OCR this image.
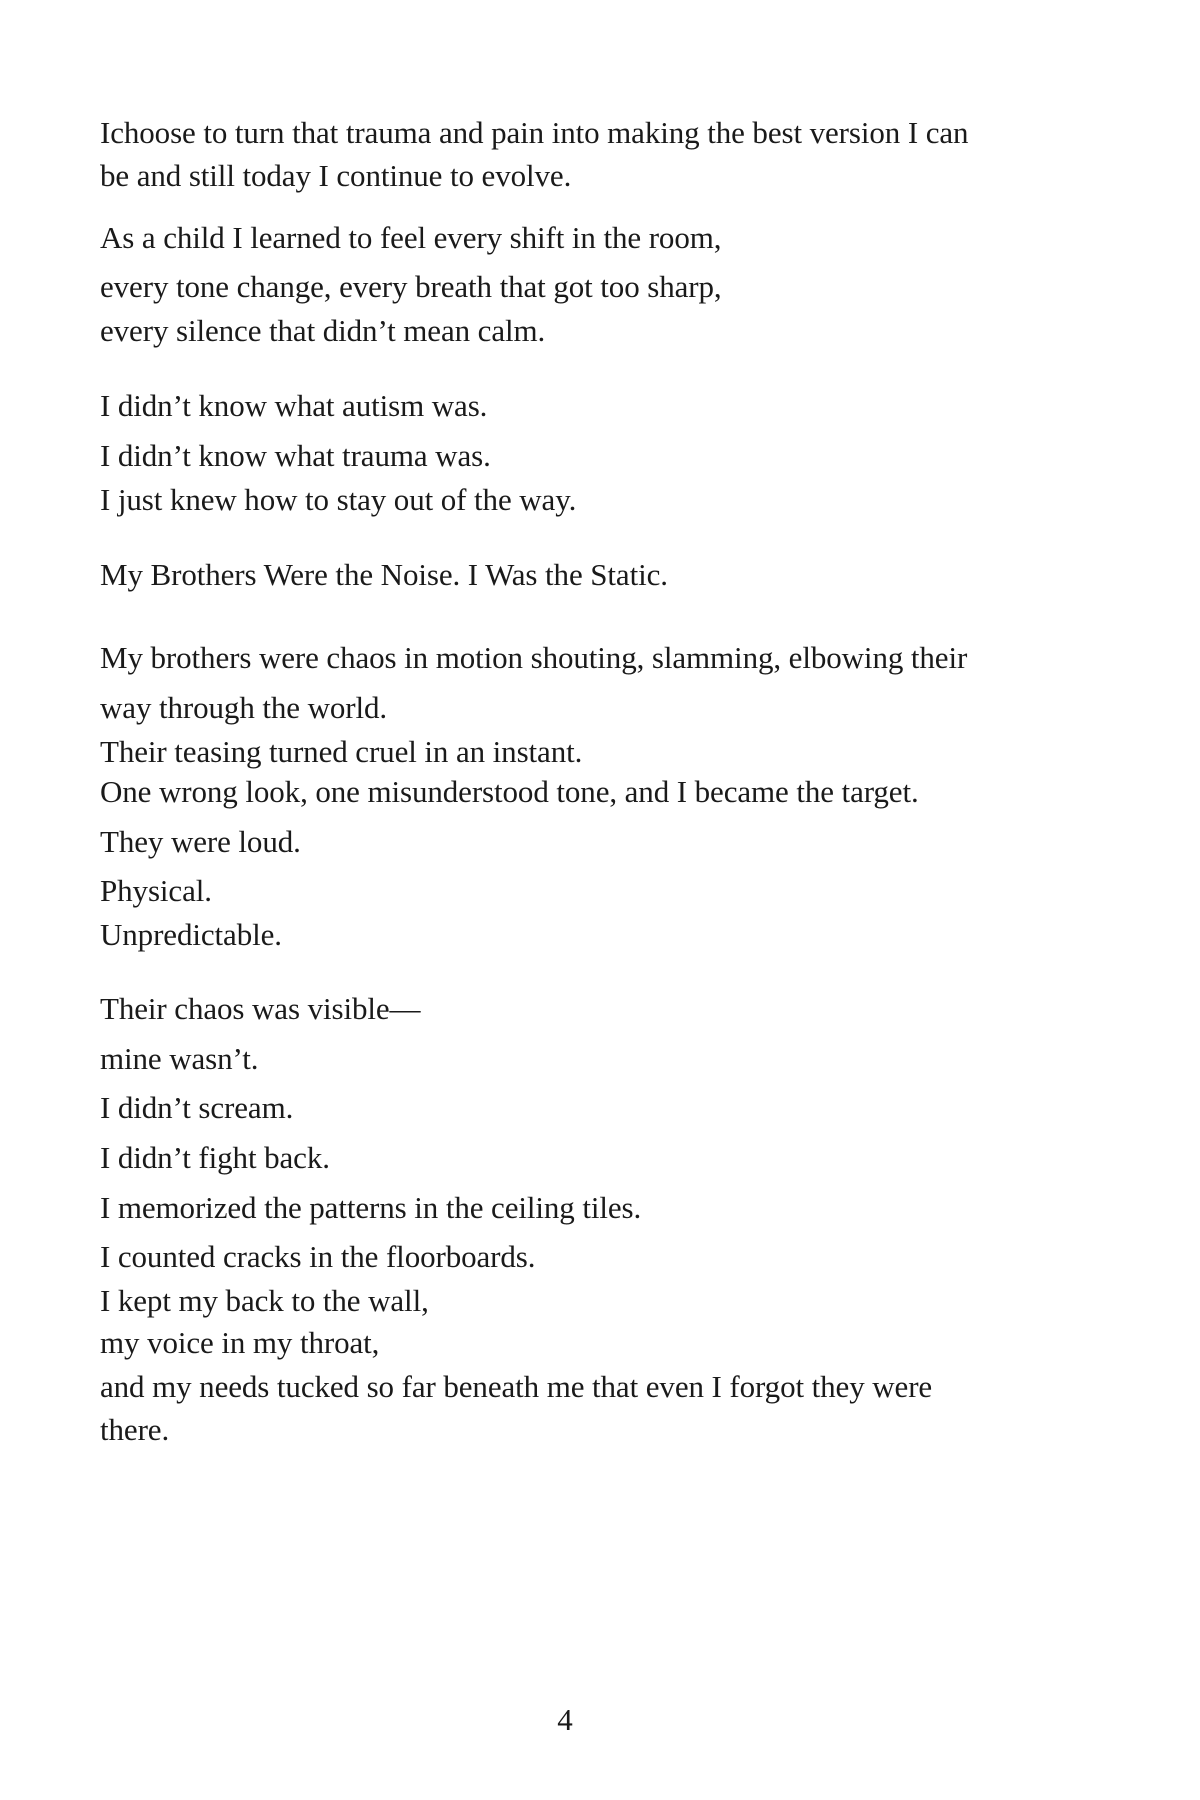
Ichoose to turn that trauma and pain into making the best version I can
be and still today I continue to evolve.
As a child I learned to feel every shift in the room,
every tone change, every breath that got too sharp,
every silence that didn’t mean calm.
I didn’t know what autism was.
I didn’t know what trauma was.
I just knew how to stay out of the way.
My Brothers Were the Noise. I Was the Static.
My brothers were chaos in motion shouting, slamming, elbowing their
way through the world.
Their teasing turned cruel in an instant.
One wrong look, one misunderstood tone, and I became the target.
They were loud.
Physical.
Unpredictable.
Their chaos was visible—
mine wasn’t.
I didn’t scream.
I didn’t fight back.
I memorized the patterns in the ceiling tiles.
I counted cracks in the floorboards.
I kept my back to the wall,
my voice in my throat,
and my needs tucked so far beneath me that even I forgot they were
there.
4
